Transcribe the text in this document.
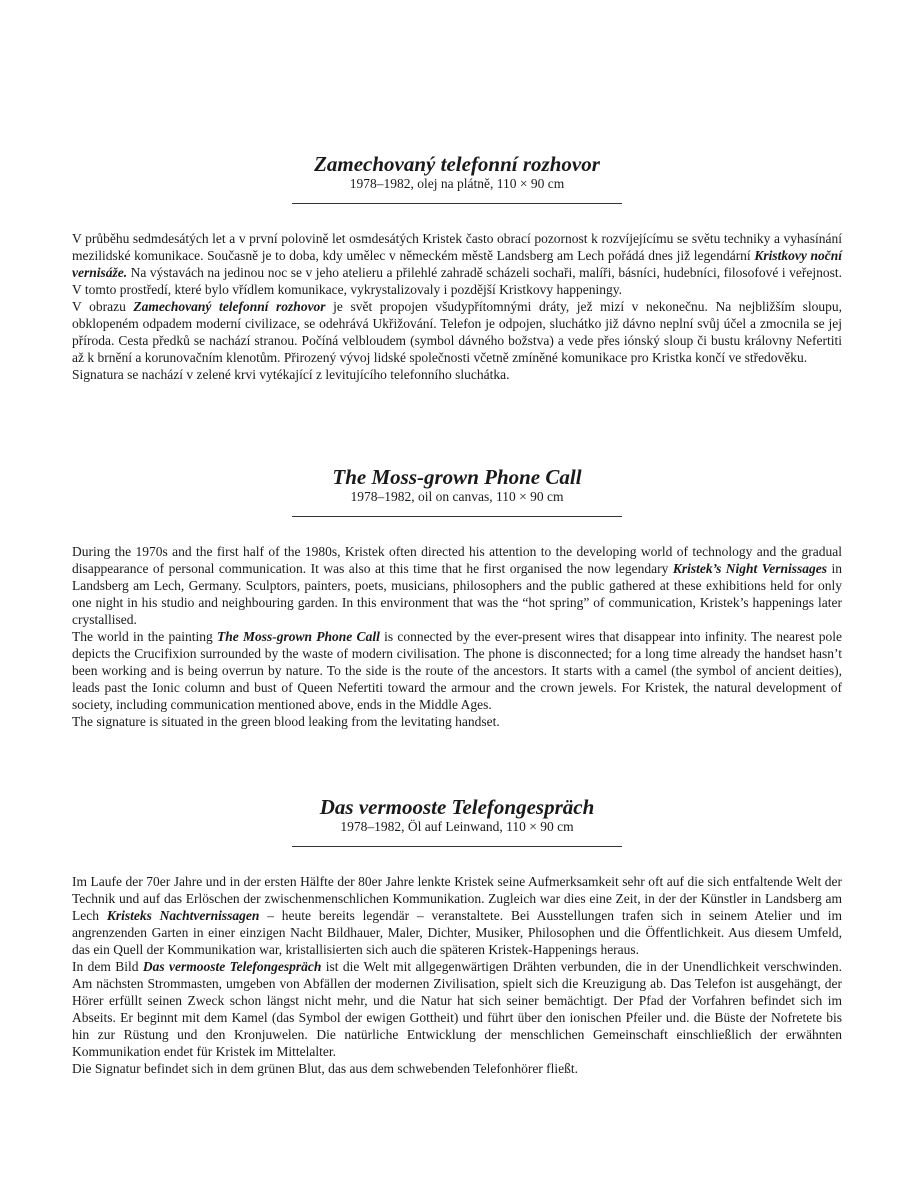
Zamechovaný telefonní rozhovor

1978–1982, olej na plátně, 110 × 90 cm

V průběhu sedmdesátých let a v první polovině let osmdesátých Kristek často obrací pozornost k rozvíjejícímu se světu techniky a vyhasínání mezilidské komunikace. Současně je to doba, kdy umělec v německém městě Landsberg am Lech pořádá dnes již legendární Kristkovy noční vernisáže. Na výstavách na jedinou noc se v jeho atelieru a přilehlé zahradě scházeli sochaři, malíři, básníci, hudebníci, filosofové i veřejnost. V tomto prostředí, které bylo vřídlem komunikace, vykrystalizovaly i pozdější Kristkovy happeningy.

V obrazu Zamechovaný telefonní rozhovor je svět propojen všudypřítomnými dráty, jež mizí v nekonečnu. Na nejbližším sloupu, obklopeném odpadem moderní civilizace, se odehrává Ukřižování. Telefon je odpojen, sluchátko již dávno neplní svůj účel a zmocnila se jej příroda. Cesta předků se nachází stranou. Počíná velbloudem (symbol dávného božstva) a vede přes iónský sloup či bustu královny Nefertiti až k brnění a korunovačním klenotům. Přirozený vývoj lidské společnosti včetně zmíněné komunikace pro Kristka končí ve středověku.

Signatura se nachází v zelené krvi vytékající z levitujícího telefonního sluchátka.

The Moss-grown Phone Call

1978–1982, oil on canvas, 110 × 90 cm

During the 1970s and the first half of the 1980s, Kristek often directed his attention to the developing world of technology and the gradual disappearance of personal communication. It was also at this time that he first organised the now legendary Kristek’s Night Vernissages in Landsberg am Lech, Germany. Sculptors, painters, poets, musicians, philosophers and the public gathered at these exhibitions held for only one night in his studio and neighbouring garden. In this environment that was the “hot spring” of communication, Kristek’s happenings later crystallised.

The world in the painting The Moss-grown Phone Call is connected by the ever-present wires that disappear into infinity. The nearest pole depicts the Crucifixion surrounded by the waste of modern civilisation. The phone is disconnected; for a long time already the handset hasn’t been working and is being overrun by nature. To the side is the route of the ancestors. It starts with a camel (the symbol of ancient deities), leads past the Ionic column and bust of Queen Nefertiti toward the armour and the crown jewels. For Kristek, the natural development of society, including communication mentioned above, ends in the Middle Ages.

The signature is situated in the green blood leaking from the levitating handset.

Das vermooste Telefongespräch

1978–1982, Öl auf Leinwand, 110 × 90 cm

Im Laufe der 70er Jahre und in der ersten Hälfte der 80er Jahre lenkte Kristek seine Aufmerksamkeit sehr oft auf die sich entfaltende Welt der Technik und auf das Erlöschen der zwischenmenschlichen Kommunikation. Zugleich war dies eine Zeit, in der der Künstler in Landsberg am Lech Kristeks Nachtvernissagen – heute bereits legendär – veranstaltete. Bei Ausstellungen trafen sich in seinem Atelier und im angrenzenden Garten in einer einzigen Nacht Bildhauer, Maler, Dichter, Musiker, Philosophen und die Öffentlichkeit. Aus diesem Umfeld, das ein Quell der Kommunikation war, kristallisierten sich auch die späteren Kristek-Happenings heraus.

In dem Bild Das vermooste Telefongespräch ist die Welt mit allgegenwärtigen Drähten verbunden, die in der Unendlichkeit verschwinden. Am nächsten Strommasten, umgeben von Abfällen der modernen Zivilisation, spielt sich die Kreuzigung ab. Das Telefon ist ausgehängt, der Hörer erfüllt seinen Zweck schon längst nicht mehr, und die Natur hat sich seiner bemächtigt. Der Pfad der Vorfahren befindet sich im Abseits. Er beginnt mit dem Kamel (das Symbol der ewigen Gottheit) und führt über den ionischen Pfeiler und. die Büste der Nofretete bis hin zur Rüstung und den Kronjuwelen. Die natürliche Entwicklung der menschlichen Gemeinschaft einschließlich der erwähnten Kommunikation endet für Kristek im Mittelalter.

Die Signatur befindet sich in dem grünen Blut, das aus dem schwebenden Telefonhörer fließt.
